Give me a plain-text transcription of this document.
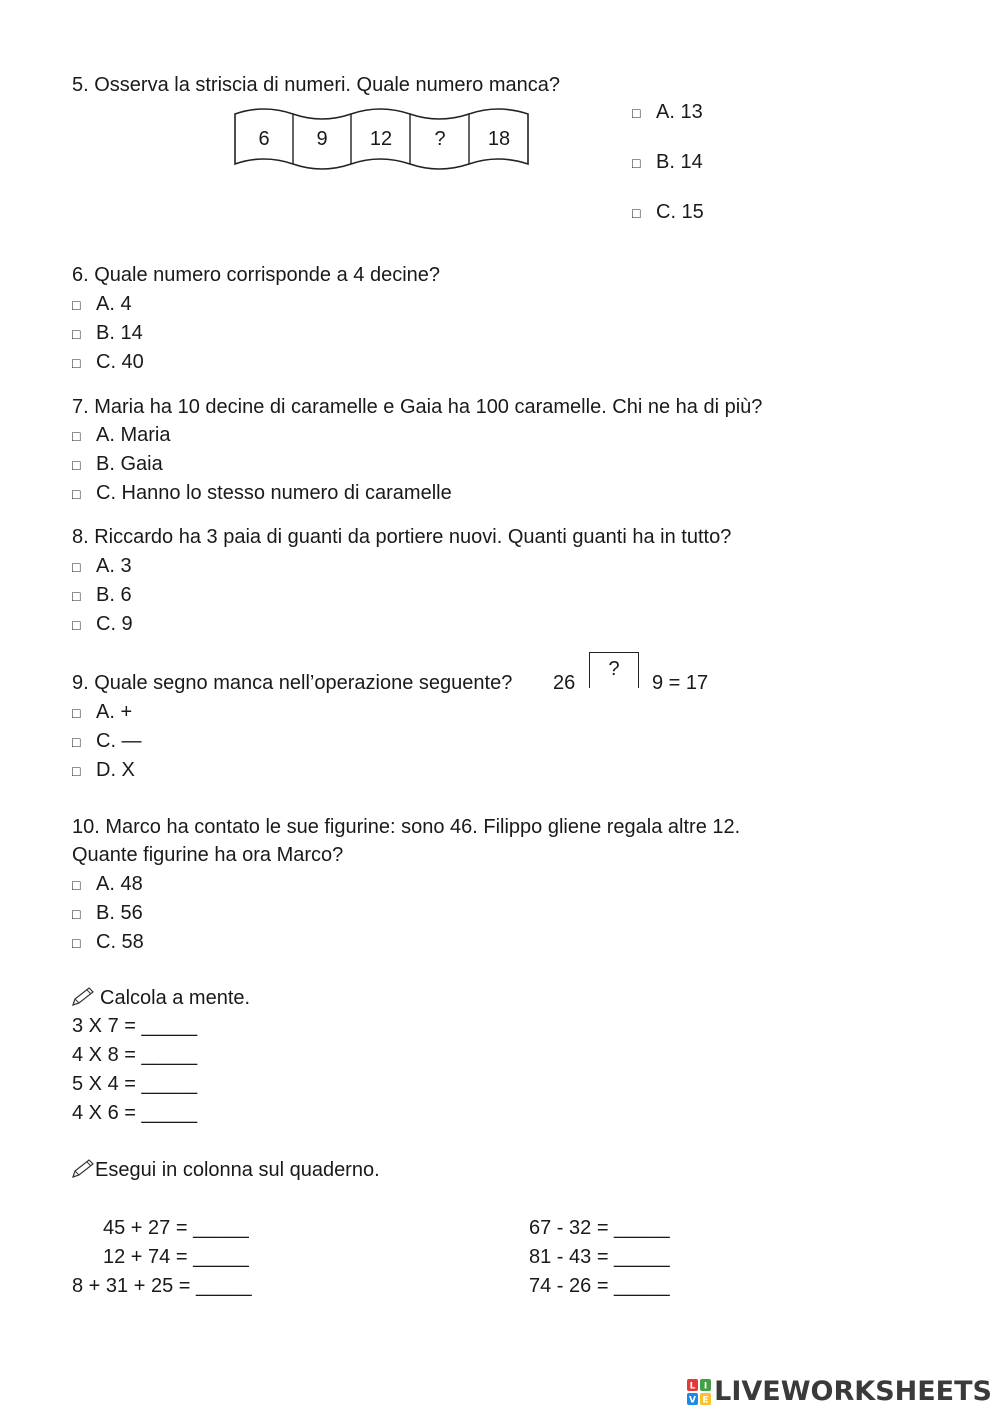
5. Osserva la striscia di numeri. Quale numero manca?
6	9	12	?	18
□ A. 13
□ B. 14
□ C. 15
6. Quale numero corrisponde a 4 decine?
□ A. 4
□ B. 14
□ C. 40
7. Maria ha 10 decine di caramelle e Gaia ha 100 caramelle. Chi ne ha di più?
□ A. Maria
□ B. Gaia
□ C. Hanno lo stesso numero di caramelle
8. Riccardo ha 3 paia di guanti da portiere nuovi. Quanti guanti ha in tutto?
□ A. 3
□ B. 6
□ C. 9
9. Quale segno manca nell’operazione seguente? 26
?
9 = 17
□ A. +
□ C. —
□ D. X
10. Marco ha contato le sue figurine: sono 46. Filippo gliene regala altre 12.
Quante figurine ha ora Marco?
□ A. 48
□ B. 56
□ C. 58
Calcola a mente.
3 X 7 = _____
4 X 8 = _____
5 X 4 = _____
4 X 6 = _____
Esegui in colonna sul quaderno.
45 + 27 = _____
12 + 74 = _____
8 + 31 + 25 = _____
67 - 32 = _____
81 - 43 = _____
74 - 26 = _____
L I
V E LIVEWORKSHEETS
